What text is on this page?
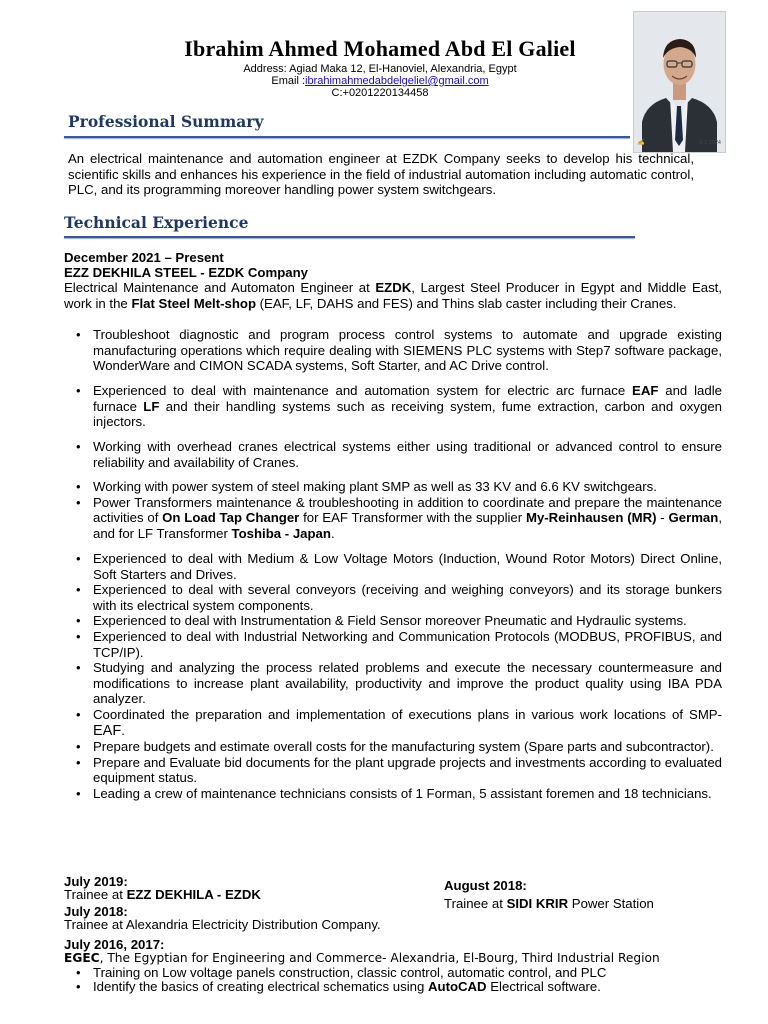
Ibrahim Ahmed Mohamed Abd El Galiel
Address: Agiad Maka 12, El-Hanoviel, Alexandria, Egypt
Email :ibrahimahmedabdelgeliel@gmail.com
C:+0201220134458
✍	5.1.2024
Professional Summary
An electrical maintenance and automation engineer at EZDK Company seeks to develop his technical, scientific skills and enhances his experience in the field of industrial automation including automatic control, PLC, and its programming moreover handling power system switchgears.
Technical Experience
December 2021 – Present
EZZ DEKHILA STEEL - EZDK Company
Electrical Maintenance and Automaton Engineer at EZDK, Largest Steel Producer in Egypt and Middle East, work in the Flat Steel Melt-shop (EAF, LF, DAHS and FES) and Thins slab caster including their Cranes.
• Troubleshoot diagnostic and program process control systems to automate and upgrade existing manufacturing operations which require dealing with SIEMENS PLC systems with Step7 software package, WonderWare and CIMON SCADA systems, Soft Starter, and AC Drive control.
• Experienced to deal with maintenance and automation system for electric arc furnace EAF and ladle furnace LF and their handling systems such as receiving system, fume extraction, carbon and oxygen injectors.
• Working with overhead cranes electrical systems either using traditional or advanced control to ensure reliability and availability of Cranes.
• Working with power system of steel making plant SMP as well as 33 KV and 6.6 KV switchgears.
• Power Transformers maintenance & troubleshooting in addition to coordinate and prepare the maintenance activities of On Load Tap Changer for EAF Transformer with the supplier My-Reinhausen (MR) - German, and for LF Transformer Toshiba - Japan.
• Experienced to deal with Medium & Low Voltage Motors (Induction, Wound Rotor Motors) Direct Online, Soft Starters and Drives.
• Experienced to deal with several conveyors (receiving and weighing conveyors) and its storage bunkers with its electrical system components.
• Experienced to deal with Instrumentation & Field Sensor moreover Pneumatic and Hydraulic systems.
• Experienced to deal with Industrial Networking and Communication Protocols (MODBUS, PROFIBUS, and TCP/IP).
• Studying and analyzing the process related problems and execute the necessary countermeasure and modifications to increase plant availability, productivity and improve the product quality using IBA PDA analyzer.
• Coordinated the preparation and implementation of executions plans in various work locations of SMP-EAF.
• Prepare budgets and estimate overall costs for the manufacturing system (Spare parts and subcontractor).
• Prepare and Evaluate bid documents for the plant upgrade projects and investments according to evaluated equipment status.
• Leading a crew of maintenance technicians consists of 1 Forman, 5 assistant foremen and 18 technicians.
July 2019:
Trainee at EZZ DEKHILA - EZDK
July 2018:
Trainee at Alexandria Electricity Distribution Company.
August 2018:
Trainee at SIDI KRIR Power Station
July 2016, 2017:
EGEC, The Egyptian for Engineering and Commerce- Alexandria, El-Bourg, Third Industrial Region
• Training on Low voltage panels construction, classic control, automatic control, and PLC
• Identify the basics of creating electrical schematics using AutoCAD Electrical software.
